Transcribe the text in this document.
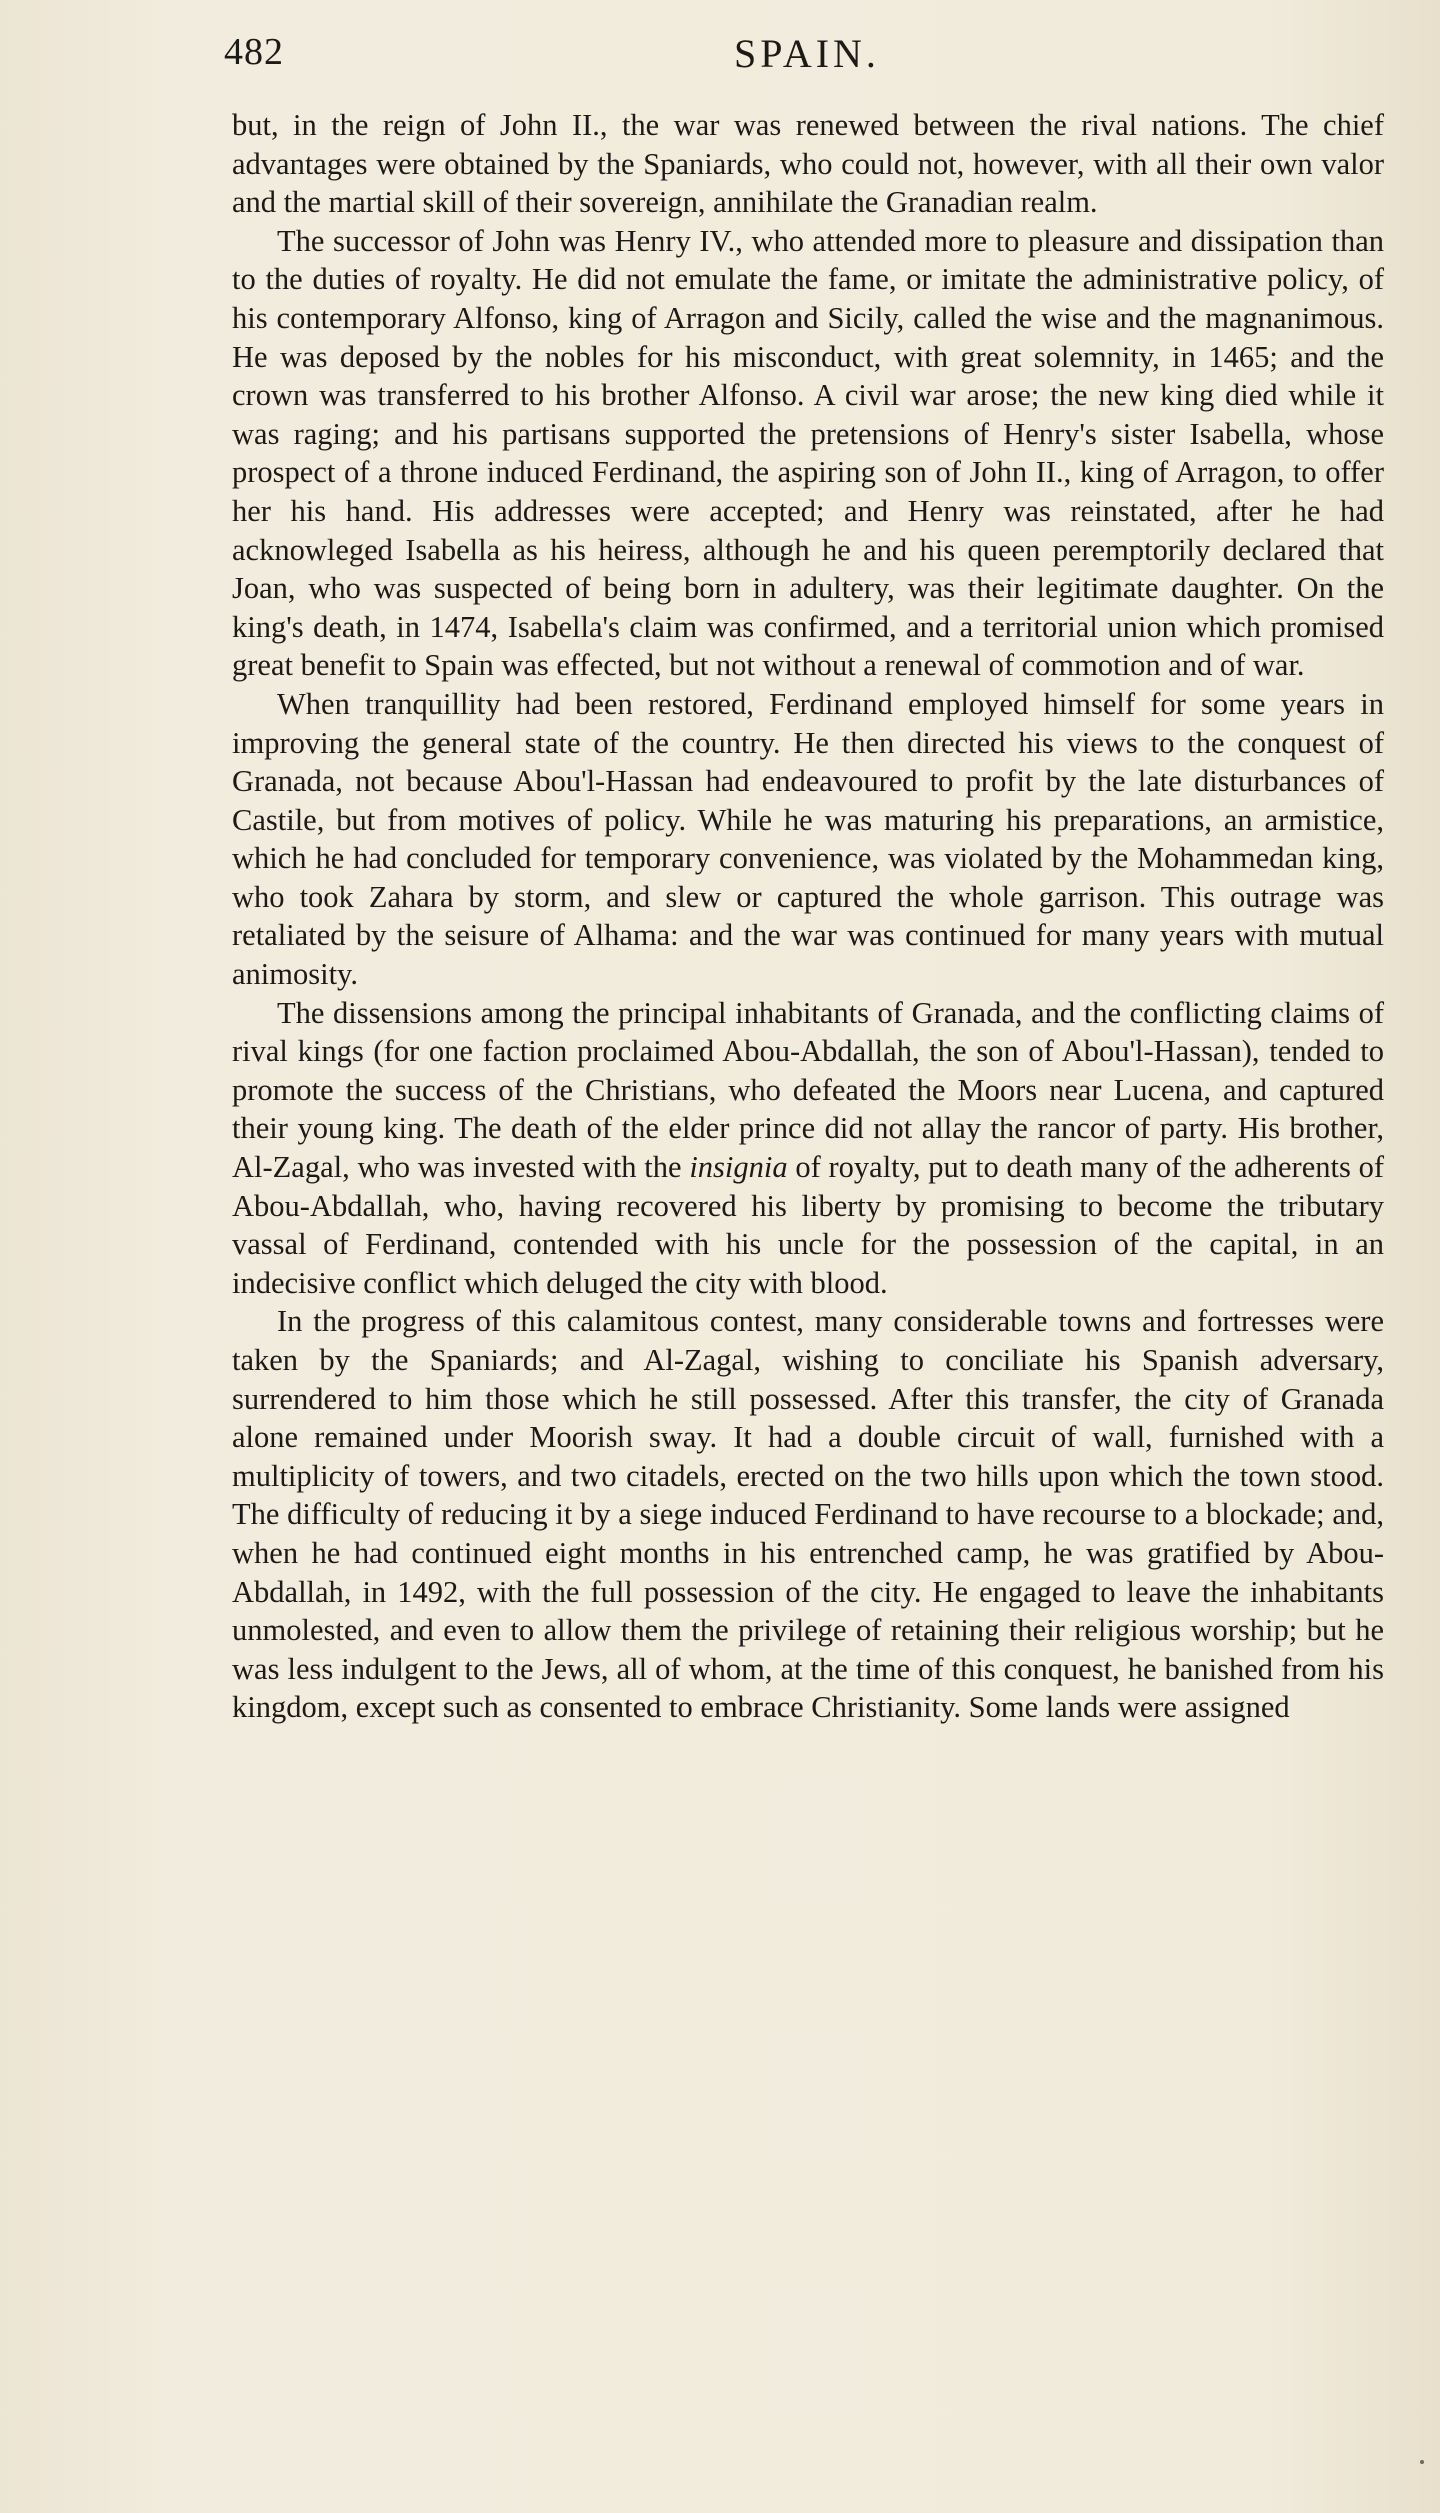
482	SPAIN.

but, in the reign of John II., the war was renewed between the rival nations. The chief advantages were obtained by the Spaniards, who could not, however, with all their own valor and the martial skill of their sovereign, annihilate the Granadian realm.

The successor of John was Henry IV., who attended more to pleasure and dissipation than to the duties of royalty. He did not emulate the fame, or imitate the administrative policy, of his contemporary Alfonso, king of Arragon and Sicily, called the wise and the magnanimous. He was deposed by the nobles for his misconduct, with great solemnity, in 1465; and the crown was transferred to his brother Alfonso. A civil war arose; the new king died while it was raging; and his partisans supported the pretensions of Henry's sister Isabella, whose prospect of a throne induced Ferdinand, the aspiring son of John II., king of Arragon, to offer her his hand. His addresses were accepted; and Henry was reinstated, after he had acknowleged Isabella as his heiress, although he and his queen peremptorily declared that Joan, who was suspected of being born in adultery, was their legitimate daughter. On the king's death, in 1474, Isabella's claim was confirmed, and a territorial union which promised great benefit to Spain was effected, but not without a renewal of commotion and of war.

When tranquillity had been restored, Ferdinand employed himself for some years in improving the general state of the country. He then directed his views to the conquest of Granada, not because Abou'l-Hassan had endeavoured to profit by the late disturbances of Castile, but from motives of policy. While he was maturing his preparations, an armistice, which he had concluded for temporary convenience, was violated by the Mohammedan king, who took Zahara by storm, and slew or captured the whole garrison. This outrage was retaliated by the seisure of Alhama: and the war was continued for many years with mutual animosity.

The dissensions among the principal inhabitants of Granada, and the conflicting claims of rival kings (for one faction proclaimed Abou-Abdallah, the son of Abou'l-Hassan), tended to promote the success of the Christians, who defeated the Moors near Lucena, and captured their young king. The death of the elder prince did not allay the rancor of party. His brother, Al-Zagal, who was invested with the insignia of royalty, put to death many of the adherents of Abou-Abdallah, who, having recovered his liberty by promising to become the tributary vassal of Ferdinand, contended with his uncle for the possession of the capital, in an indecisive conflict which deluged the city with blood.

In the progress of this calamitous contest, many considerable towns and fortresses were taken by the Spaniards; and Al-Zagal, wishing to conciliate his Spanish adversary, surrendered to him those which he still possessed. After this transfer, the city of Granada alone remained under Moorish sway. It had a double circuit of wall, furnished with a multiplicity of towers, and two citadels, erected on the two hills upon which the town stood. The difficulty of reducing it by a siege induced Ferdinand to have recourse to a blockade; and, when he had continued eight months in his entrenched camp, he was gratified by Abou-Abdallah, in 1492, with the full possession of the city. He engaged to leave the inhabitants unmolested, and even to allow them the privilege of retaining their religious worship; but he was less indulgent to the Jews, all of whom, at the time of this conquest, he banished from his kingdom, except such as consented to embrace Christianity. Some lands were assigned
